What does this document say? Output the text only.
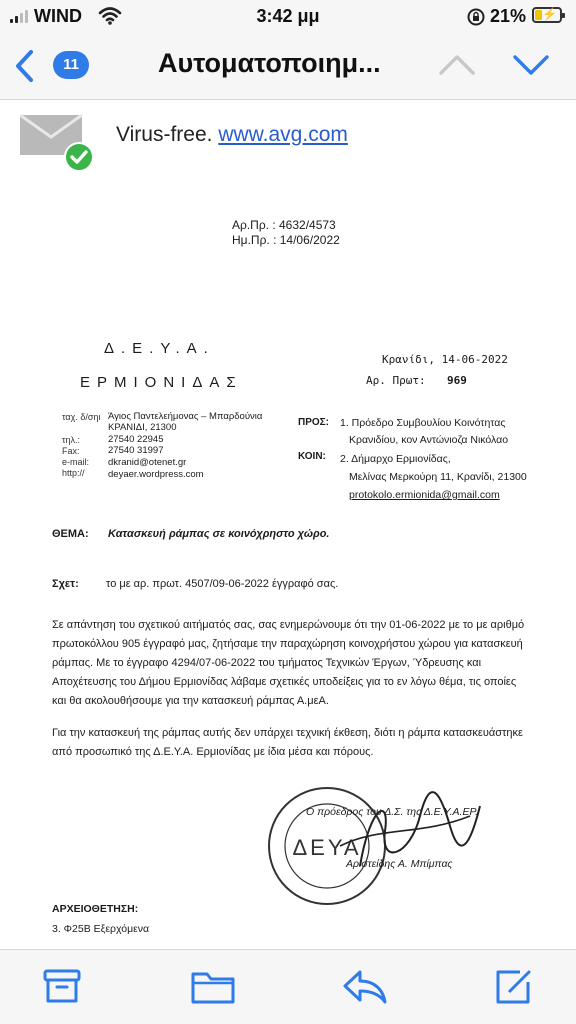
WIND	3:42 μμ	21% ⚡
11	Αυτοματοποιημ...
Virus-free. www.avg.com
Αρ.Πρ. : 4632/4573
Ημ.Πρ. : 14/06/2022
Δ.Ε.Υ.Α.
ΕΡΜΙΟΝΙΔΑΣ
Κρανίδι, 14-06-2022
Αρ. Πρωτ: 969
ταχ. δ/σηι Άγιος Παντελεήμονας – Μπαρδούνια
ΚΡΑΝΙΔΙ, 21300
τηλ.:	27540 22945
Fax:	27540 31997
e-mail: dkranid@otenet.gr
http:// deyaer.wordpress.com
ΠΡΟΣ: 1. Πρόεδρο Συμβουλίου Κοινότητας
Κρανιδίου, κον Αντώνιοζα Νικόλαο
ΚΟΙΝ: 2. Δήμαρχο Ερμιονίδας,
Μελίνας Μερκούρη 11, Κρανίδι, 21300
protokolo.ermionida@gmail.com
ΘΕΜΑ: Κατασκευή ράμπας σε κοινόχρηστο χώρο.
Σχετ: το με αρ. πρωτ. 4507/09-06-2022 έγγραφό σας.
Σε απάντηση του σχετικού αιτήματός σας, σας ενημερώνουμε ότι την 01-06-2022 με το με αριθμό πρωτοκόλλου 905 έγγραφό μας, ζητήσαμε την παραχώρηση κοινοχρήστου χώρου για κατασκευή ράμπας. Με το έγγραφο 4294/07-06-2022 του τμήματος Τεχνικών Έργων, Ύδρευσης και Αποχέτευσης του Δήμου Ερμιονίδας λάβαμε σχετικές υποδείξεις για το εν λόγω θέμα, τις οποίες και θα ακολουθήσουμε για την κατασκευή ράμπας Α.μεΑ.
Για την κατασκευή της ράμπας αυτής δεν υπάρχει τεχνική έκθεση, διότι η ράμπα κατασκευάστηκε από προσωπικό της Δ.Ε.Υ.Α. Ερμιονίδας με ίδια μέσα και πόρους.
ΔΕΥΑ
Ο πρόεδρος του Δ.Σ. της Δ.Ε.Υ.Α.ΕΡ.
Αριστείδης Α. Μπίμπας
ΑΡΧΕΙΟΘΕΤΗΣΗ:
3. Φ25Β Εξερχόμενα
